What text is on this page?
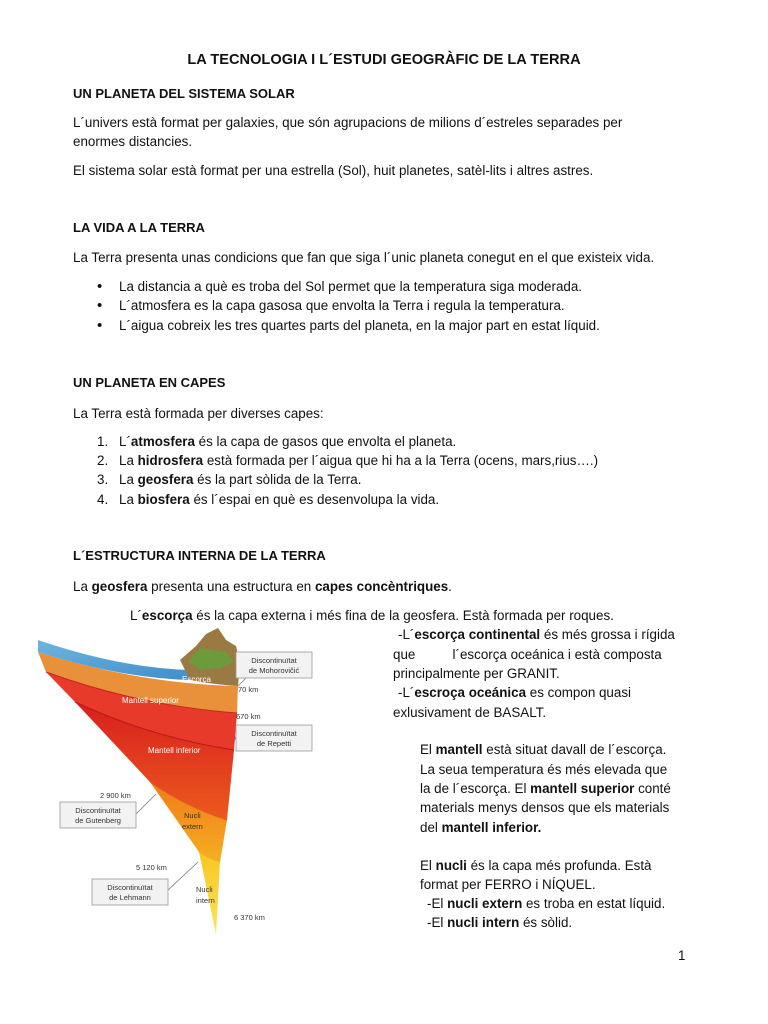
LA TECNOLOGIA I L´ESTUDI GEOGRÀFIC DE LA TERRA
UN PLANETA DEL SISTEMA SOLAR
L´univers està format per galaxies, que són agrupacions de milions d´estreles separades per
enormes distancies.
El sistema solar està format per una estrella (Sol), huit planetes, satèl-lits i altres astres.
LA VIDA A LA TERRA
La Terra presenta unas condicions que fan que siga l´unic planeta conegut en el que existeix vida.
• La distancia a què es troba del Sol permet que la temperatura siga moderada.
• L´atmosfera es la capa gasosa que envolta la Terra i regula la temperatura.
• L´aigua cobreix les tres quartes parts del planeta, en la major part en estat líquid.
UN PLANETA EN CAPES
La Terra està formada per diverses capes:
1. L´atmosfera és la capa de gasos que envolta el planeta.
2. La hidrosfera està formada per l´aigua que hi ha a la Terra (ocens, mars,rius….)
3. La geosfera és la part sòlida de la Terra.
4. La biosfera és l´espai en què es desenvolupa la vida.
L´ESTRUCTURA INTERNA DE LA TERRA
La geosfera presenta una estructura en capes concèntriques.
L´escorça és la capa externa i més fina de la geosfera. Està formada per roques.
-L´escorça continental és més grossa i rígida
que          l´escorça oceánica i està composta
principalmente per GRANIT.
-L´escroça oceánica es compon quasi
exlusivament de BASALT.
El mantell està situat davall de l´escorça.
La seua temperatura és més elevada que
la de l´escorça. El mantell superior conté
materials menys densos que els materials
del mantell inferior.
El nucli és la capa més profunda. Està
format per FERRO i NÍQUEL.
-El nucli extern es troba en estat líquid.
-El nucli intern és sòlid.
Escorça
Mantell superior
Mantell inferior
Nucli
extern
Nucli
intern
Discontinuïtat
de Mohorovičić
70 km
670 km
Discontinuïtat
de Repetti
2 900 km
Discontinuïtat
de Gutenberg
5 120 km
Discontinuïtat
de Lehmann
6 370 km
1
